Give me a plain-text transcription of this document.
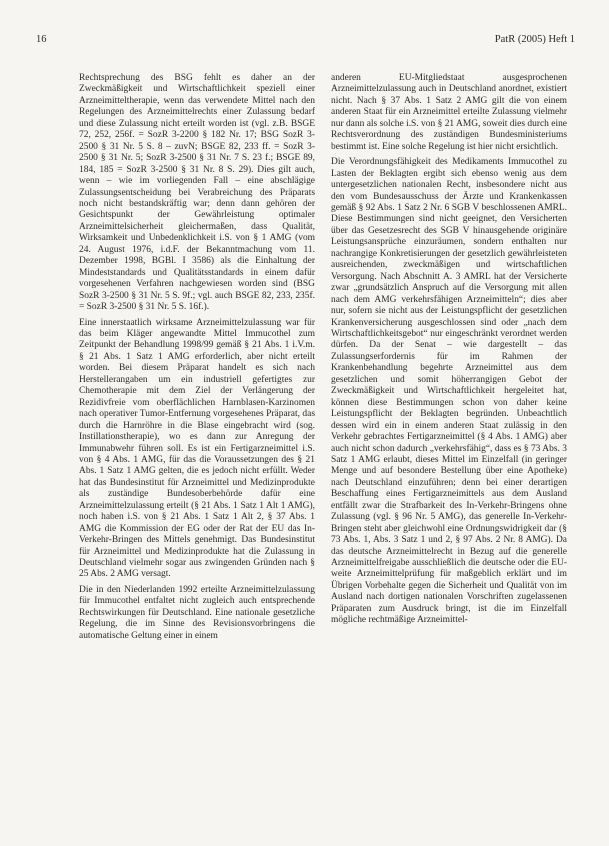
16	PatR (2005) Heft 1

Rechtsprechung des BSG fehlt es daher an der Zweckmäßigkeit und Wirtschaftlichkeit speziell einer Arzneimitteltherapie, wenn das verwendete Mittel nach den Regelungen des Arzneimittelrechts einer Zulassung bedarf und diese Zulassung nicht erteilt worden ist (vgl. z.B. BSGE 72, 252, 256f. = SozR 3-2200 § 182 Nr. 17; BSG SozR 3-2500 § 31 Nr. 5 S. 8 – zuvN; BSGE 82, 233 ff. = SozR 3-2500 § 31 Nr. 5; SozR 3-2500 § 31 Nr. 7 S. 23 f.; BSGE 89, 184, 185 = SozR 3-2500 § 31 Nr. 8 S. 29). Dies gilt auch, wenn – wie im vorliegenden Fall – eine abschlägige Zulassungsentscheidung bei Verabreichung des Präparats noch nicht bestandskräftig war; denn dann gehören der Gesichtspunkt der Gewährleistung optimaler Arzneimittelsicherheit gleichermaßen, dass Qualität, Wirksamkeit und Unbedenklichkeit i.S. von § 1 AMG (vom 24. August 1976, i.d.F. der Bekanntmachung vom 11. Dezember 1998, BGBl. I 3586) als die Einhaltung der Mindeststandards und Qualitätsstandards in einem dafür vorgesehenen Verfahren nachgewiesen worden sind (BSG SozR 3-2500 § 31 Nr. 5 S. 9f.; vgl. auch BSGE 82, 233, 235f. = SozR 3-2500 § 31 Nr. 5 S. 16f.).

Eine innerstaatlich wirksame Arzneimittelzulassung war für das beim Kläger angewandte Mittel Immucothel zum Zeitpunkt der Behandlung 1998/99 gemäß § 21 Abs. 1 i.V.m. § 21 Abs. 1 Satz 1 AMG erforderlich, aber nicht erteilt worden. Bei diesem Präparat handelt es sich nach Herstellerangaben um ein industriell gefertigtes zur Chemotherapie mit dem Ziel der Verlängerung der Rezidivfreie vom oberflächlichen Harnblasen-Karzinomen nach operativer Tumor-Entfernung vorgesehenes Präparat, das durch die Harnröhre in die Blase eingebracht wird (sog. Instillationstherapie), wo es dann zur Anregung der Immunabwehr führen soll. Es ist ein Fertigarzneimittel i.S. von § 4 Abs. 1 AMG, für das die Voraussetzungen des § 21 Abs. 1 Satz 1 AMG gelten, die es jedoch nicht erfüllt. Weder hat das Bundesinstitut für Arzneimittel und Medizinprodukte als zuständige Bundesoberbehörde dafür eine Arzneimittelzulassung erteilt (§ 21 Abs. 1 Satz 1 Alt 1 AMG), noch haben i.S. von § 21 Abs. 1 Satz 1 Alt 2, § 37 Abs. 1 AMG die Kommission der EG oder der Rat der EU das In-Verkehr-Bringen des Mittels genehmigt. Das Bundesinstitut für Arzneimittel und Medizinprodukte hat die Zulassung in Deutschland vielmehr sogar aus zwingenden Gründen nach § 25 Abs. 2 AMG versagt.

Die in den Niederlanden 1992 erteilte Arzneimittelzulassung für Immucothel entfaltet nicht zugleich auch entsprechende Rechtswirkungen für Deutschland. Eine nationale gesetzliche Regelung, die im Sinne des Revisionsvorbringens die automatische Geltung einer in einem

anderen EU-Mitgliedstaat ausgesprochenen Arzneimittelzulassung auch in Deutschland anordnet, existiert nicht. Nach § 37 Abs. 1 Satz 2 AMG gilt die von einem anderen Staat für ein Arzneimittel erteilte Zulassung vielmehr nur dann als solche i.S. von § 21 AMG, soweit dies durch eine Rechtsverordnung des zuständigen Bundesministeriums bestimmt ist. Eine solche Regelung ist hier nicht ersichtlich.

Die Verordnungsfähigkeit des Medikaments Immucothel zu Lasten der Beklagten ergibt sich ebenso wenig aus dem untergesetzlichen nationalen Recht, insbesondere nicht aus den vom Bundesausschuss der Ärzte und Krankenkassen gemäß § 92 Abs. 1 Satz 2 Nr. 6 SGB V beschlossenen AMRL. Diese Bestimmungen sind nicht geeignet, den Versicherten über das Gesetzesrecht des SGB V hinausgehende originäre Leistungsansprüche einzuräumen, sondern enthalten nur nachrangige Konkretisierungen der gesetzlich gewährleisteten ausreichenden, zweckmäßigen und wirtschaftlichen Versorgung. Nach Abschnitt A. 3 AMRL hat der Versicherte zwar „grundsätzlich Anspruch auf die Versorgung mit allen nach dem AMG verkehrsfähigen Arzneimitteln“; dies aber nur, sofern sie nicht aus der Leistungspflicht der gesetzlichen Krankenversicherung ausgeschlossen sind oder „nach dem Wirtschaftlichkeitsgebot“ nur eingeschränkt verordnet werden dürfen. Da der Senat – wie dargestellt – das Zulassungserfordernis für im Rahmen der Krankenbehandlung begehrte Arzneimittel aus dem gesetzlichen und somit höherrangigen Gebot der Zweckmäßigkeit und Wirtschaftlichkeit hergeleitet hat, können diese Bestimmungen schon von daher keine Leistungspflicht der Beklagten begründen. Unbeachtlich dessen wird ein in einem anderen Staat zulässig in den Verkehr gebrachtes Fertigarzneimittel (§ 4 Abs. 1 AMG) aber auch nicht schon dadurch „verkehrsfähig“, dass es § 73 Abs. 3 Satz 1 AMG erlaubt, dieses Mittel im Einzelfall (in geringer Menge und auf besondere Bestellung über eine Apotheke) nach Deutschland einzuführen; denn bei einer derartigen Beschaffung eines Fertigarzneimittels aus dem Ausland entfällt zwar die Strafbarkeit des In-Verkehr-Bringens ohne Zulassung (vgl. § 96 Nr. 5 AMG), das generelle In-Verkehr-Bringen steht aber gleichwohl eine Ordnungswidrigkeit dar (§ 73 Abs. 1, Abs. 3 Satz 1 und 2, § 97 Abs. 2 Nr. 8 AMG). Da das deutsche Arzneimittelrecht in Bezug auf die generelle Arzneimittelfreigabe ausschließlich die deutsche oder die EU-weite Arzneimittelprüfung für maßgeblich erklärt und im Übrigen Vorbehalte gegen die Sicherheit und Qualität von im Ausland nach dortigen nationalen Vorschriften zugelassenen Präparaten zum Ausdruck bringt, ist die im Einzelfall mögliche rechtmäßige Arzneimittel-
